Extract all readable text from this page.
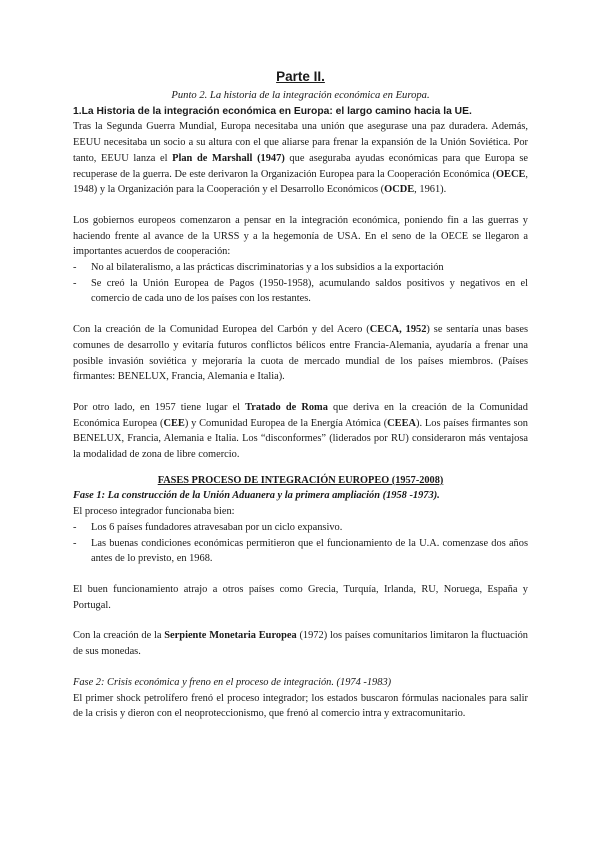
Parte II.
Punto 2. La historia de la integración económica en Europa.
1.La Historia de la integración económica en Europa: el largo camino hacia la UE.

Tras la Segunda Guerra Mundial, Europa necesitaba una unión que asegurase una paz duradera. Además, EEUU necesitaba un socio a su altura con el que aliarse para frenar la expansión de la Unión Soviética. Por tanto, EEUU lanza el Plan de Marshall (1947) que aseguraba ayudas económicas para que Europa se recuperase de la guerra. De este derivaron la Organización Europea para la Cooperación Económica (OECE, 1948) y la Organización para la Cooperación y el Desarrollo Económicos (OCDE, 1961).

Los gobiernos europeos comenzaron a pensar en la integración económica, poniendo fin a las guerras y haciendo frente al avance de la URSS y a la hegemonía de USA. En el seno de la OECE se llegaron a importantes acuerdos de cooperación:

- No al bilateralismo, a las prácticas discriminatorias y a los subsidios a la exportación
- Se creó la Unión Europea de Pagos (1950-1958), acumulando saldos positivos y negativos en el comercio de cada uno de los países con los restantes.

Con la creación de la Comunidad Europea del Carbón y del Acero (CECA, 1952) se sentaría unas bases comunes de desarrollo y evitaría futuros conflictos bélicos entre Francia-Alemania, ayudaría a frenar una posible invasión soviética y mejoraría la cuota de mercado mundial de los países miembros. (Países firmantes: BENELUX, Francia, Alemania e Italia).

Por otro lado, en 1957 tiene lugar el Tratado de Roma que deriva en la creación de la Comunidad Económica Europea (CEE) y Comunidad Europea de la Energía Atómica (CEEA). Los países firmantes son BENELUX, Francia, Alemania e Italia. Los “disconformes” (liderados por RU) consideraron más ventajosa la modalidad de zona de libre comercio.

FASES PROCESO DE INTEGRACIÓN EUROPEO (1957-2008)
Fase 1: La construcción de la Unión Aduanera y la primera ampliación (1958 -1973).

El proceso integrador funcionaba bien:

- Los 6 países fundadores atravesaban por un ciclo expansivo.
- Las buenas condiciones económicas permitieron que el funcionamiento de la U.A. comenzase dos años antes de lo previsto, en 1968.

El buen funcionamiento atrajo a otros países como Grecia, Turquía, Irlanda, RU, Noruega, España y Portugal.

Con la creación de la Serpiente Monetaria Europea (1972) los países comunitarios limitaron la fluctuación de sus monedas.

Fase 2: Crisis económica y freno en el proceso de integración. (1974 -1983)

El primer shock petrolífero frenó el proceso integrador; los estados buscaron fórmulas nacionales para salir de la crisis y dieron con el neoproteccionismo, que frenó al comercio intra y extracomunitario.
